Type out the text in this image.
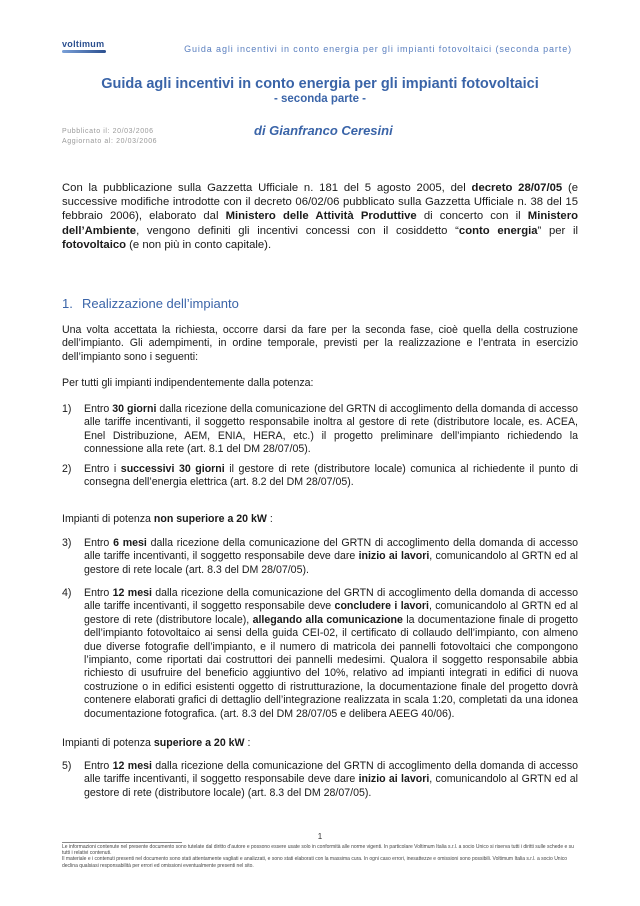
voltimum	Guida agli incentivi in conto energia per gli impianti fotovoltaici (seconda parte)
Guida agli incentivi in conto energia per gli impianti fotovoltaici
- seconda parte -
Pubblicato il: 20/03/2006
Aggiornato al: 20/03/2006
di Gianfranco Ceresini

Con la pubblicazione sulla Gazzetta Ufficiale n. 181 del 5 agosto 2005, del decreto 28/07/05 (e successive modifiche introdotte con il decreto 06/02/06 pubblicato sulla Gazzetta Ufficiale n. 38 del 15 febbraio 2006), elaborato dal Ministero delle Attività Produttive di concerto con il Ministero dell’Ambiente, vengono definiti gli incentivi concessi con il cosiddetto “conto energia” per il fotovoltaico (e non più in conto capitale).

1. Realizzazione dell’impianto

Una volta accettata la richiesta, occorre darsi da fare per la seconda fase, cioè quella della costruzione dell’impianto. Gli adempimenti, in ordine temporale, previsti per la realizzazione e l’entrata in esercizio dell’impianto sono i seguenti:

Per tutti gli impianti indipendentemente dalla potenza:

1) Entro 30 giorni dalla ricezione della comunicazione del GRTN di accoglimento della domanda di accesso alle tariffe incentivanti, il soggetto responsabile inoltra al gestore di rete (distributore locale, es. ACEA, Enel Distribuzione, AEM, ENIA, HERA, etc.) il progetto preliminare dell’impianto richiedendo la connessione alla rete (art. 8.1 del DM 28/07/05).
2) Entro i successivi 30 giorni il gestore di rete (distributore locale) comunica al richiedente il punto di consegna dell’energia elettrica (art. 8.2 del DM 28/07/05).

Impianti di potenza non superiore a 20 kW :

3) Entro 6 mesi dalla ricezione della comunicazione del GRTN di accoglimento della domanda di accesso alle tariffe incentivanti, il soggetto responsabile deve dare inizio ai lavori, comunicandolo al GRTN ed al gestore di rete locale (art. 8.3 del DM 28/07/05).
4) Entro 12 mesi dalla ricezione della comunicazione del GRTN di accoglimento della domanda di accesso alle tariffe incentivanti, il soggetto responsabile deve concludere i lavori, comunicandolo al GRTN ed al gestore di rete (distributore locale), allegando alla comunicazione la documentazione finale di progetto dell’impianto fotovoltaico ai sensi della guida CEI-02, il certificato di collaudo dell’impianto, con almeno due diverse fotografie dell’impianto, e il numero di matricola dei pannelli fotovoltaici che compongono l’impianto, come riportati dai costruttori dei pannelli medesimi. Qualora il soggetto responsabile abbia richiesto di usufruire del beneficio aggiuntivo del 10%, relativo ad impianti integrati in edifici di nuova costruzione o in edifici esistenti oggetto di ristrutturazione, la documentazione finale del progetto dovrà contenere elaborati grafici di dettaglio dell’integrazione realizzata in scala 1:20, completati da una idonea documentazione fotografica. (art. 8.3 del DM 28/07/05 e delibera AEEG 40/06).

Impianti di potenza superiore a 20 kW :

5) Entro 12 mesi dalla ricezione della comunicazione del GRTN di accoglimento della domanda di accesso alle tariffe incentivanti, il soggetto responsabile deve dare inizio ai lavori, comunicandolo al GRTN ed al gestore di rete (distributore locale) (art. 8.3 del DM 28/07/05).
1
Le informazioni contenute nel presente documento sono tutelate dal diritto d’autore e possono essere usate solo in conformità alle norme vigenti. In particolare Voltimum Italia s.r.l. a socio Unico si riserva tutti i diritti sulle schede e su tutti i relativi contenuti.
Il materiale e i contenuti presenti nel documento sono stati attentamente vagliati e analizzati, e sono stati elaborati con la massima cura. In ogni caso errori, inesattezze e omissioni sono possibili. Voltimum Italia s.r.l. a socio Unico declina qualsiasi responsabilità per errori ed omissioni eventualmente presenti nel sito.
